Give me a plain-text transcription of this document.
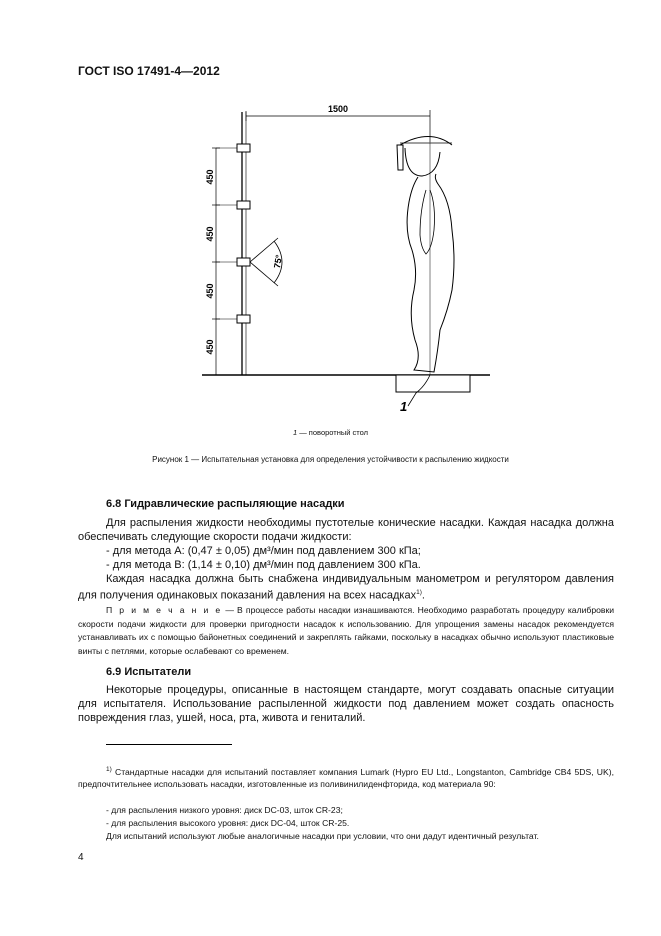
ГОСТ ISO 17491-4—2012
1500
450
450
450
450
75°
1
1 — поворотный стол
Рисунок 1 — Испытательная установка для определения устойчивости к распылению жидкости
6.8 Гидравлические распыляющие насадки
Для распыления жидкости необходимы пустотелые конические насадки. Каждая насадка должна обеспечивать следующие скорости подачи жидкости:
- для метода А: (0,47 ± 0,05) дм³/мин под давлением 300 кПа;
- для метода В: (1,14 ± 0,10) дм³/мин под давлением 300 кПа.
Каждая насадка должна быть снабжена индивидуальным манометром и регулятором давления для получения одинаковых показаний давления на всех насадках$^{1)}$.
П р и м е ч а н и е — В процессе работы насадки изнашиваются. Необходимо разработать процедуру калибровки скорости подачи жидкости для проверки пригодности насадок к использованию. Для упрощения замены насадок рекомендуется устанавливать их с помощью байонетных соединений и закреплять гайками, поскольку в насадках обычно используют пластиковые винты с петлями, которые ослабевают со временем.
6.9 Испытатели
Некоторые процедуры, описанные в настоящем стандарте, могут создавать опасные ситуации для испытателя. Использование распыленной жидкости под давлением может создать опасность повреждения глаз, ушей, носа, рта, живота и гениталий.
$^{1)}$ Стандартные насадки для испытаний поставляет компания Lumark (Hypro EU Ltd., Longstanton, Cambridge CB4 5DS, UK), предпочтительнее использовать насадки, изготовленные из поливинилиденфторида, код материала 90:
- для распыления низкого уровня: диск DC-03, шток CR-23;
- для распыления высокого уровня: диск DC-04, шток CR-25.
Для испытаний используют любые аналогичные насадки при условии, что они дадут идентичный результат.
4
